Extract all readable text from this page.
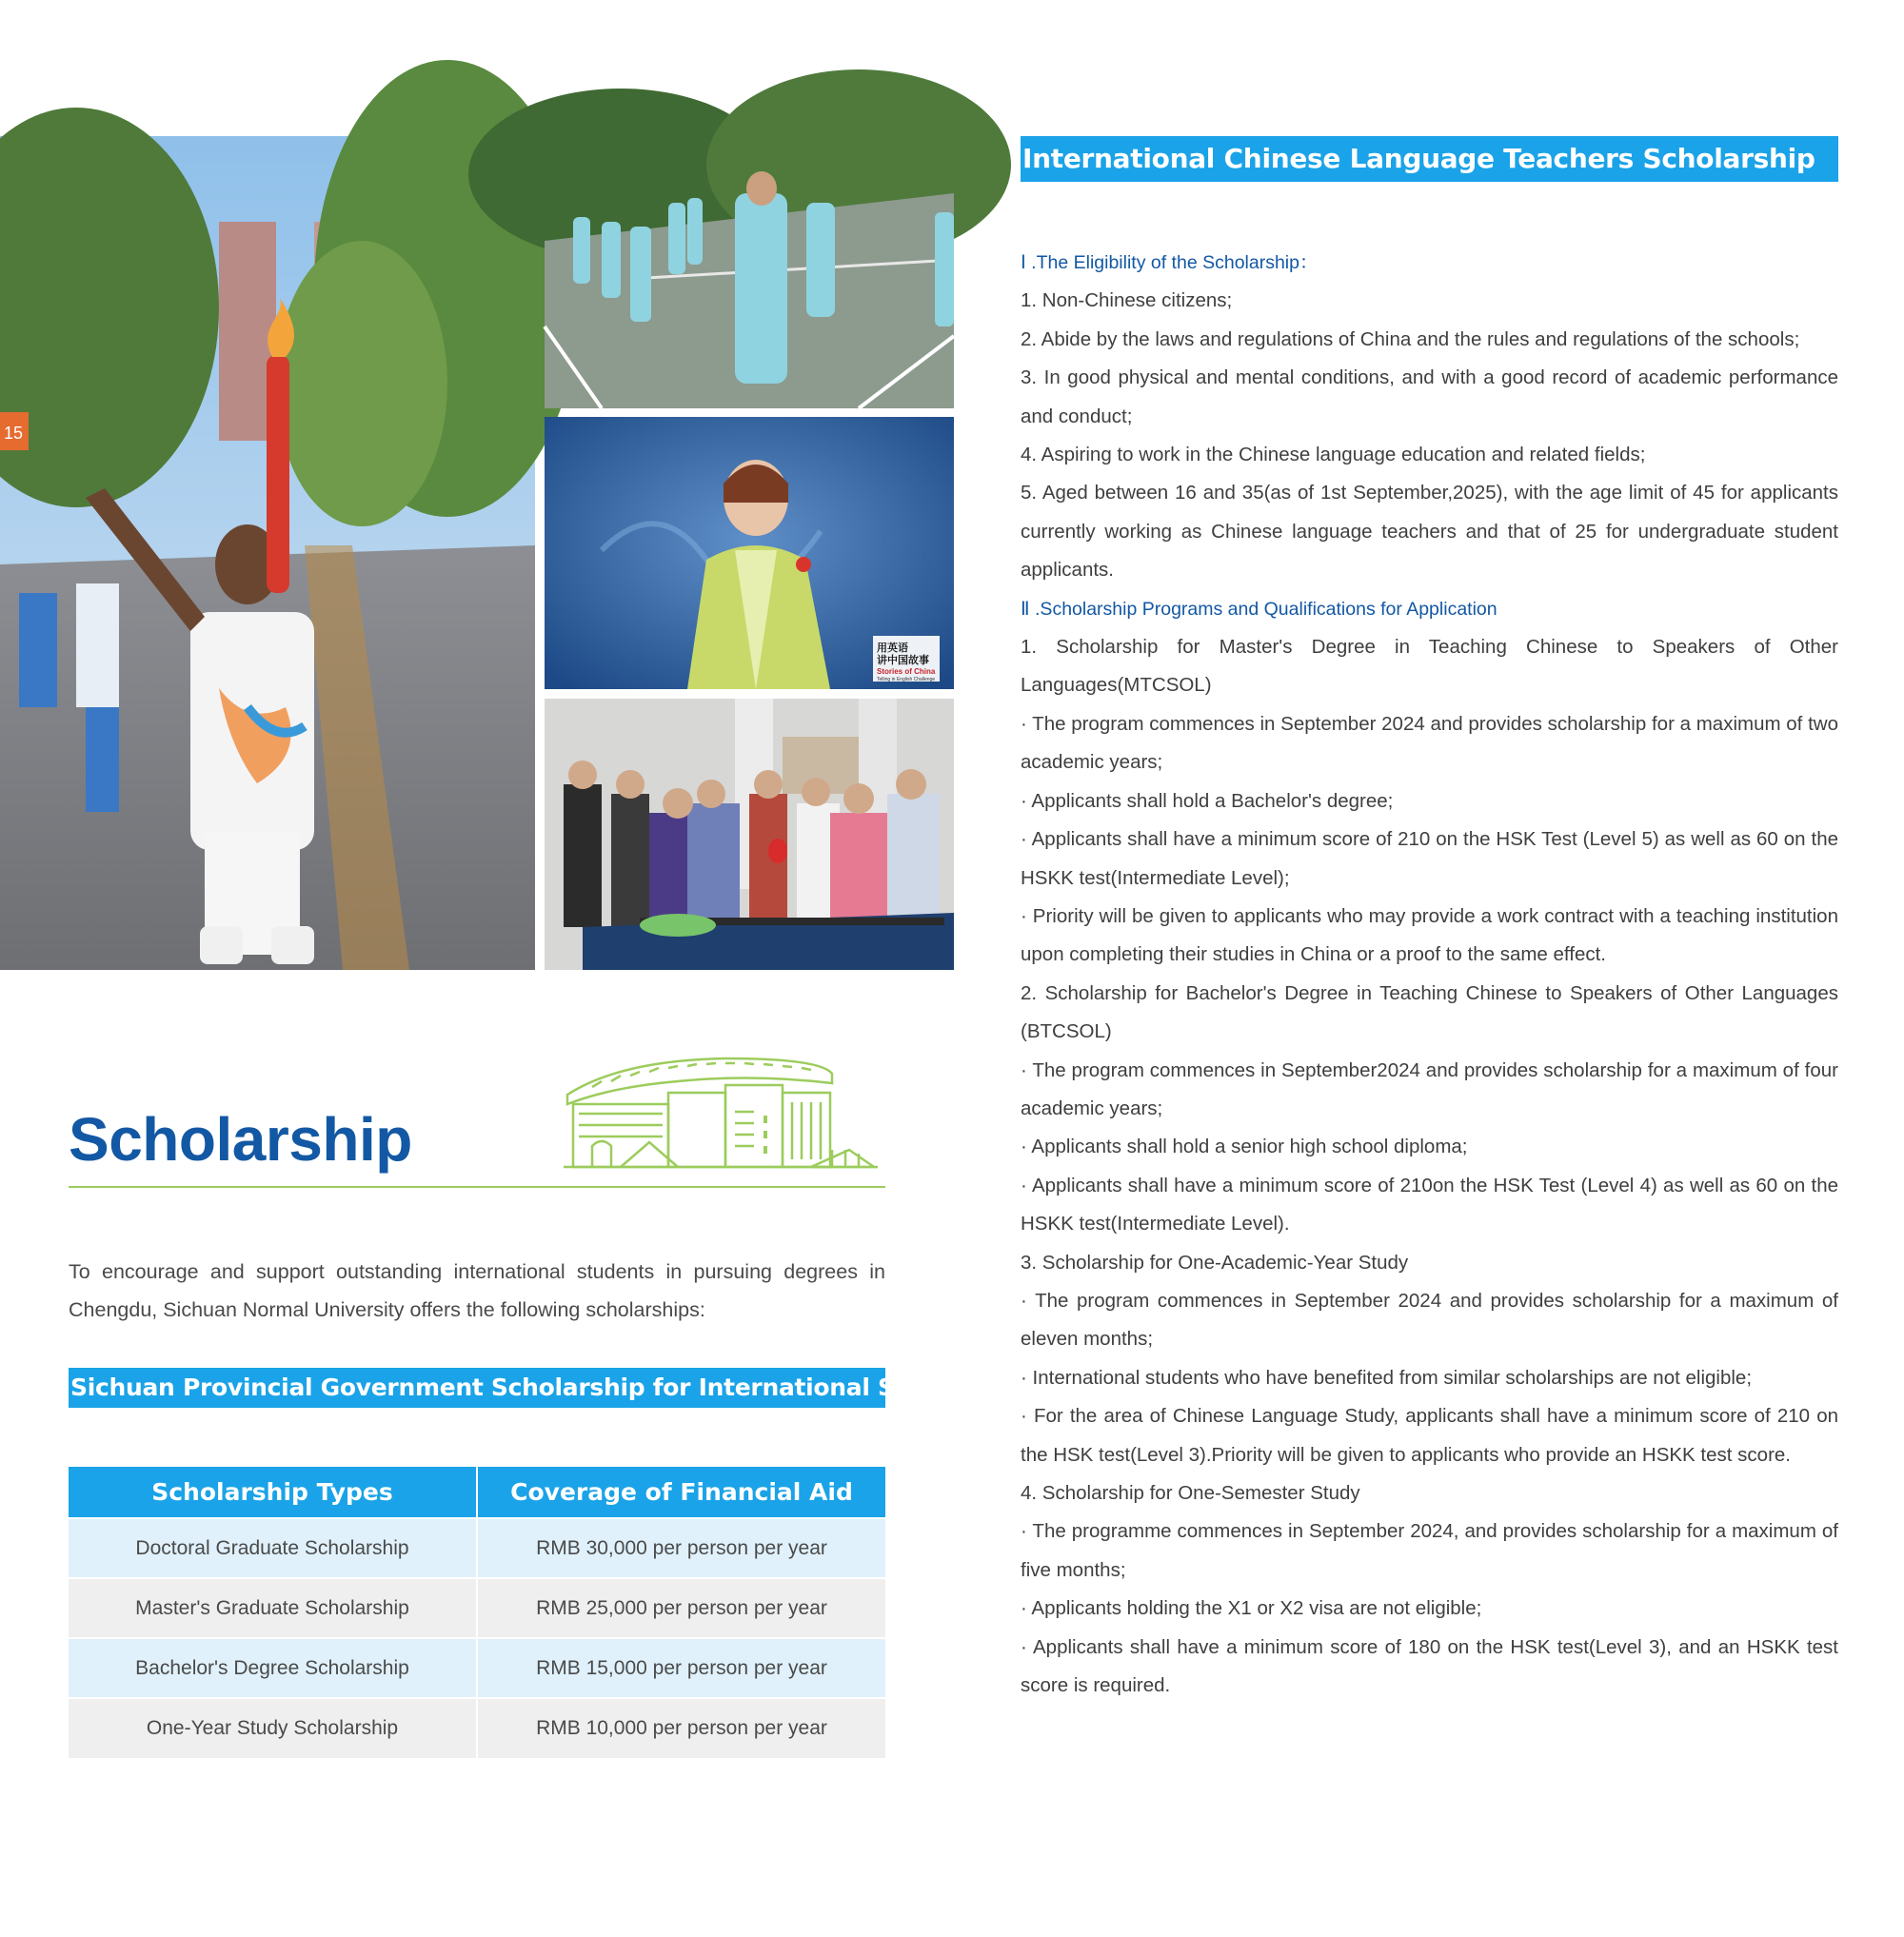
15
用英语
讲中国故事
Stories of China
Telling in English Challenge
Scholarship

To encourage and support outstanding international students in pursuing degrees in Chengdu, Sichuan Normal University offers the following scholarships:

Sichuan Provincial Government Scholarship for International Students
Scholarship Types	Coverage of Financial Aid
Doctoral Graduate Scholarship	RMB 30,000 per person per year
Master's Graduate Scholarship	RMB 25,000 per person per year
Bachelor's Degree Scholarship	RMB 15,000 per person per year
One-Year Study Scholarship	RMB 10,000 per person per year
International Chinese Language Teachers Scholarship

Ⅰ .The Eligibility of the Scholarship：

1. Non-Chinese citizens;

2. Abide by the laws and regulations of China and the rules and regulations of the schools;

3. In good physical and mental conditions, and with a good record of academic performance and conduct;

4. Aspiring to work in the Chinese language education and related fields;

5. Aged between 16 and 35(as of 1st September,2025), with the age limit of 45 for applicants currently working as Chinese language teachers and that of 25 for undergraduate student applicants.

Ⅱ .Scholarship Programs and Qualifications for Application

1. Scholarship for Master's Degree in Teaching Chinese to Speakers of Other Languages(MTCSOL)

· The program commences in September 2024 and provides scholarship for a maximum of two academic years;

· Applicants shall hold a Bachelor's degree;

· Applicants shall have a minimum score of 210 on the HSK Test (Level 5) as well as 60 on the HSKK test(Intermediate Level);

· Priority will be given to applicants who may provide a work contract with a teaching institution upon completing their studies in China or a proof to the same effect.

2. Scholarship for Bachelor's Degree in Teaching Chinese to Speakers of Other Languages (BTCSOL)

· The program commences in September2024 and provides scholarship for a maximum of four academic years;

· Applicants shall hold a senior high school diploma;

· Applicants shall have a minimum score of 210on the HSK Test (Level 4) as well as 60 on the HSKK test(Intermediate Level).

3. Scholarship for One-Academic-Year Study

· The program commences in September 2024 and provides scholarship for a maximum of eleven months;

· International students who have benefited from similar scholarships are not eligible;

· For the area of Chinese Language Study, applicants shall have a minimum score of 210 on the HSK test(Level 3).Priority will be given to applicants who provide an HSKK test score.

4. Scholarship for One-Semester Study

· The programme commences in September 2024, and provides scholarship for a maximum of five months;

· Applicants holding the X1 or X2 visa are not eligible;

· Applicants shall have a minimum score of 180 on the HSK test(Level 3), and an HSKK test score is required.
